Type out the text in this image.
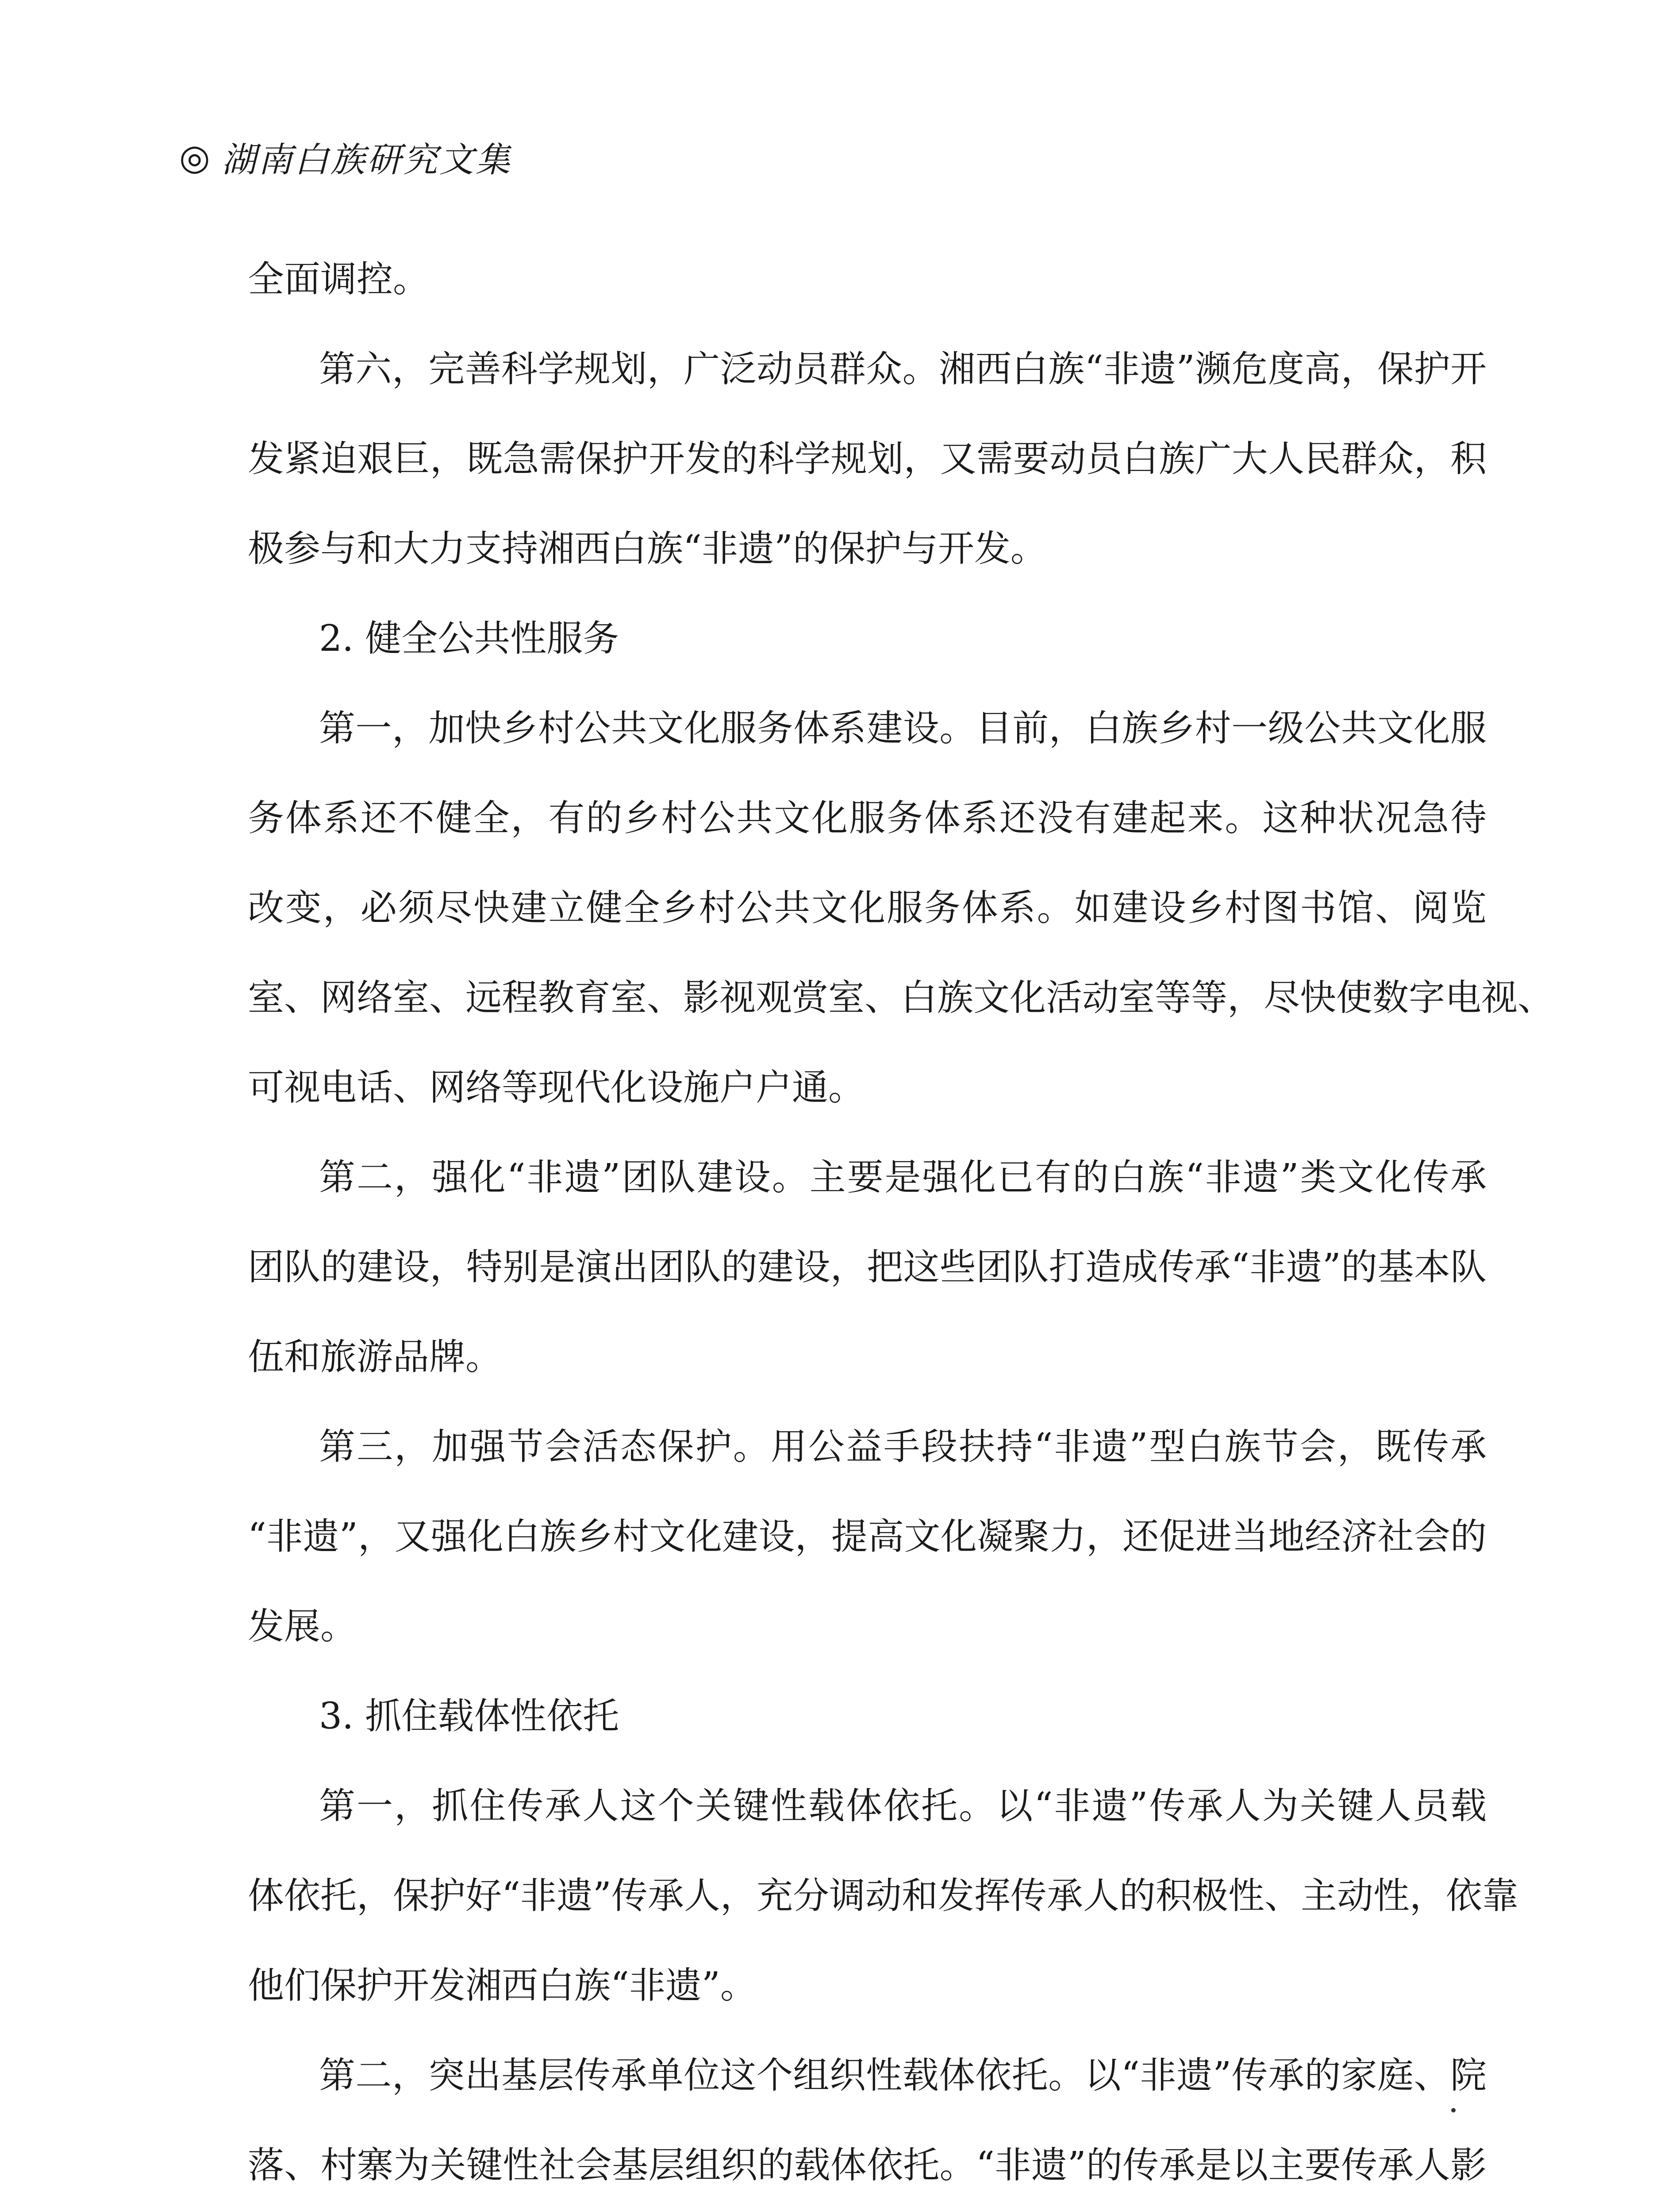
◎ 湖南白族研究文集
全面调控。
第六，完善科学规划，广泛动员群众。湘西白族“非遗”濒危度高，保护开
发紧迫艰巨，既急需保护开发的科学规划，又需要动员白族广大人民群众，积
极参与和大力支持湘西白族“非遗”的保护与开发。
2. 健全公共性服务
第一，加快乡村公共文化服务体系建设。目前，白族乡村一级公共文化服
务体系还不健全，有的乡村公共文化服务体系还没有建起来。这种状况急待
改变，必须尽快建立健全乡村公共文化服务体系。如建设乡村图书馆、阅览
室、网络室、远程教育室、影视观赏室、白族文化活动室等等，尽快使数字电视、
可视电话、网络等现代化设施户户通。
第二，强化“非遗”团队建设。主要是强化已有的白族“非遗”类文化传承
团队的建设，特别是演出团队的建设，把这些团队打造成传承“非遗”的基本队
伍和旅游品牌。
第三，加强节会活态保护。用公益手段扶持“非遗”型白族节会，既传承
“非遗”，又强化白族乡村文化建设，提高文化凝聚力，还促进当地经济社会的
发展。
3. 抓住载体性依托
第一，抓住传承人这个关键性载体依托。以“非遗”传承人为关键人员载
体依托，保护好“非遗”传承人，充分调动和发挥传承人的积极性、主动性，依靠
他们保护开发湘西白族“非遗”。
第二，突出基层传承单位这个组织性载体依托。以“非遗”传承的家庭、院
落、村寨为关键性社会基层组织的载体依托。“非遗”的传承是以主要传承人影
